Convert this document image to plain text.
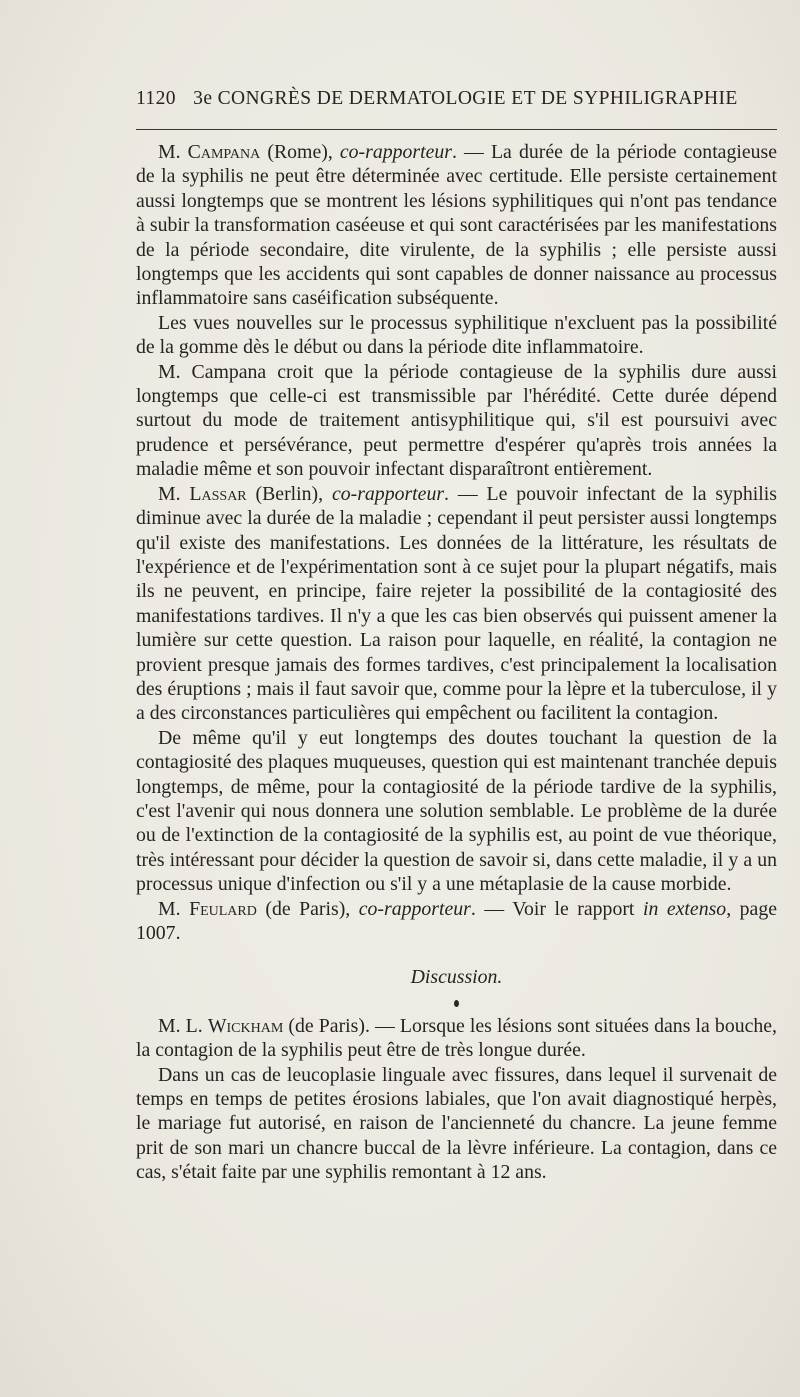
1120 3e CONGRÈS DE DERMATOLOGIE ET DE SYPHILIGRAPHIE

M. Campana (Rome), co-rapporteur. — La durée de la période contagieuse de la syphilis ne peut être déterminée avec certitude. Elle persiste certainement aussi longtemps que se montrent les lésions syphilitiques qui n'ont pas tendance à subir la transformation caséeuse et qui sont caractérisées par les manifestations de la période secondaire, dite virulente, de la syphilis ; elle persiste aussi longtemps que les accidents qui sont capables de donner naissance au processus inflammatoire sans caséification subséquente.

Les vues nouvelles sur le processus syphilitique n'excluent pas la possibilité de la gomme dès le début ou dans la période dite inflammatoire.

M. Campana croit que la période contagieuse de la syphilis dure aussi longtemps que celle-ci est transmissible par l'hérédité. Cette durée dépend surtout du mode de traitement antisyphilitique qui, s'il est poursuivi avec prudence et persévérance, peut permettre d'espérer qu'après trois années la maladie même et son pouvoir infectant disparaîtront entièrement.

M. Lassar (Berlin), co-rapporteur. — Le pouvoir infectant de la syphilis diminue avec la durée de la maladie ; cependant il peut persister aussi longtemps qu'il existe des manifestations. Les données de la littérature, les résultats de l'expérience et de l'expérimentation sont à ce sujet pour la plupart négatifs, mais ils ne peuvent, en principe, faire rejeter la possibilité de la contagiosité des manifestations tardives. Il n'y a que les cas bien observés qui puissent amener la lumière sur cette question. La raison pour laquelle, en réalité, la contagion ne provient presque jamais des formes tardives, c'est principalement la localisation des éruptions ; mais il faut savoir que, comme pour la lèpre et la tuberculose, il y a des circonstances particulières qui empêchent ou facilitent la contagion.

De même qu'il y eut longtemps des doutes touchant la question de la contagiosité des plaques muqueuses, question qui est maintenant tranchée depuis longtemps, de même, pour la contagiosité de la période tardive de la syphilis, c'est l'avenir qui nous donnera une solution semblable. Le problème de la durée ou de l'extinction de la contagiosité de la syphilis est, au point de vue théorique, très intéressant pour décider la question de savoir si, dans cette maladie, il y a un processus unique d'infection ou s'il y a une métaplasie de la cause morbide.

M. Feulard (de Paris), co-rapporteur. — Voir le rapport in extenso, page 1007.

Discussion.

M. L. Wickham (de Paris). — Lorsque les lésions sont situées dans la bouche, la contagion de la syphilis peut être de très longue durée.

Dans un cas de leucoplasie linguale avec fissures, dans lequel il survenait de temps en temps de petites érosions labiales, que l'on avait diagnostiqué herpès, le mariage fut autorisé, en raison de l'ancienneté du chancre. La jeune femme prit de son mari un chancre buccal de la lèvre inférieure. La contagion, dans ce cas, s'était faite par une syphilis remontant à 12 ans.
